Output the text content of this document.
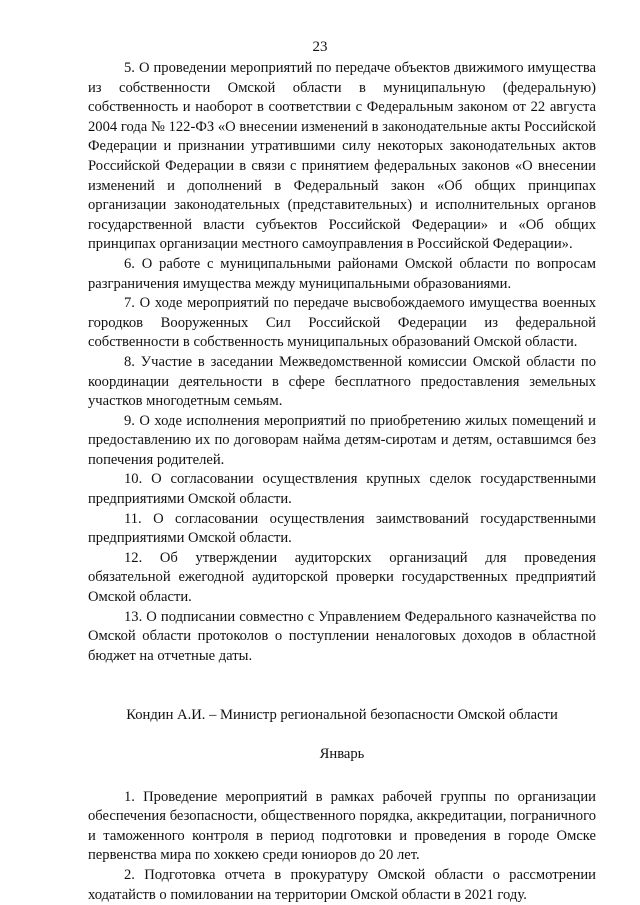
23

5. О проведении мероприятий по передаче объектов движимого имущества из собственности Омской области в муниципальную (федеральную) собственность и наоборот в соответствии с Федеральным законом от 22 августа 2004 года № 122-ФЗ «О внесении изменений в законодательные акты Российской Федерации и признании утратившими силу некоторых законодательных актов Российской Федерации в связи с принятием федеральных законов «О внесении изменений и дополнений в Федеральный закон «Об общих принципах организации законодательных (представительных) и исполнительных органов государственной власти субъектов Российской Федерации» и «Об общих принципах организации местного самоуправления в Российской Федерации».

6. О работе с муниципальными районами Омской области по вопросам разграничения имущества между муниципальными образованиями.

7. О ходе мероприятий по передаче высвобождаемого имущества военных городков Вооруженных Сил Российской Федерации из федеральной собственности в собственность муниципальных образований Омской области.

8. Участие в заседании Межведомственной комиссии Омской области по координации деятельности в сфере бесплатного предоставления земельных участков многодетным семьям.

9. О ходе исполнения мероприятий по приобретению жилых помещений и предоставлению их по договорам найма детям-сиротам и детям, оставшимся без попечения родителей.

10. О согласовании осуществления крупных сделок государственными предприятиями Омской области.

11. О согласовании осуществления заимствований государственными предприятиями Омской области.

12. Об утверждении аудиторских организаций для проведения обязательной ежегодной аудиторской проверки государственных предприятий Омской области.

13. О подписании совместно с Управлением Федерального казначейства по Омской области протоколов о поступлении неналоговых доходов в областной бюджет на отчетные даты.

Кондин А.И. – Министр региональной безопасности Омской области
Январь

1. Проведение мероприятий в рамках рабочей группы по организации обеспечения безопасности, общественного порядка, аккредитации, пограничного и таможенного контроля в период подготовки и проведения в городе Омске первенства мира по хоккею среди юниоров до 20 лет.

2. Подготовка отчета в прокуратуру Омской области о рассмотрении ходатайств о помиловании на территории Омской области в 2021 году.
